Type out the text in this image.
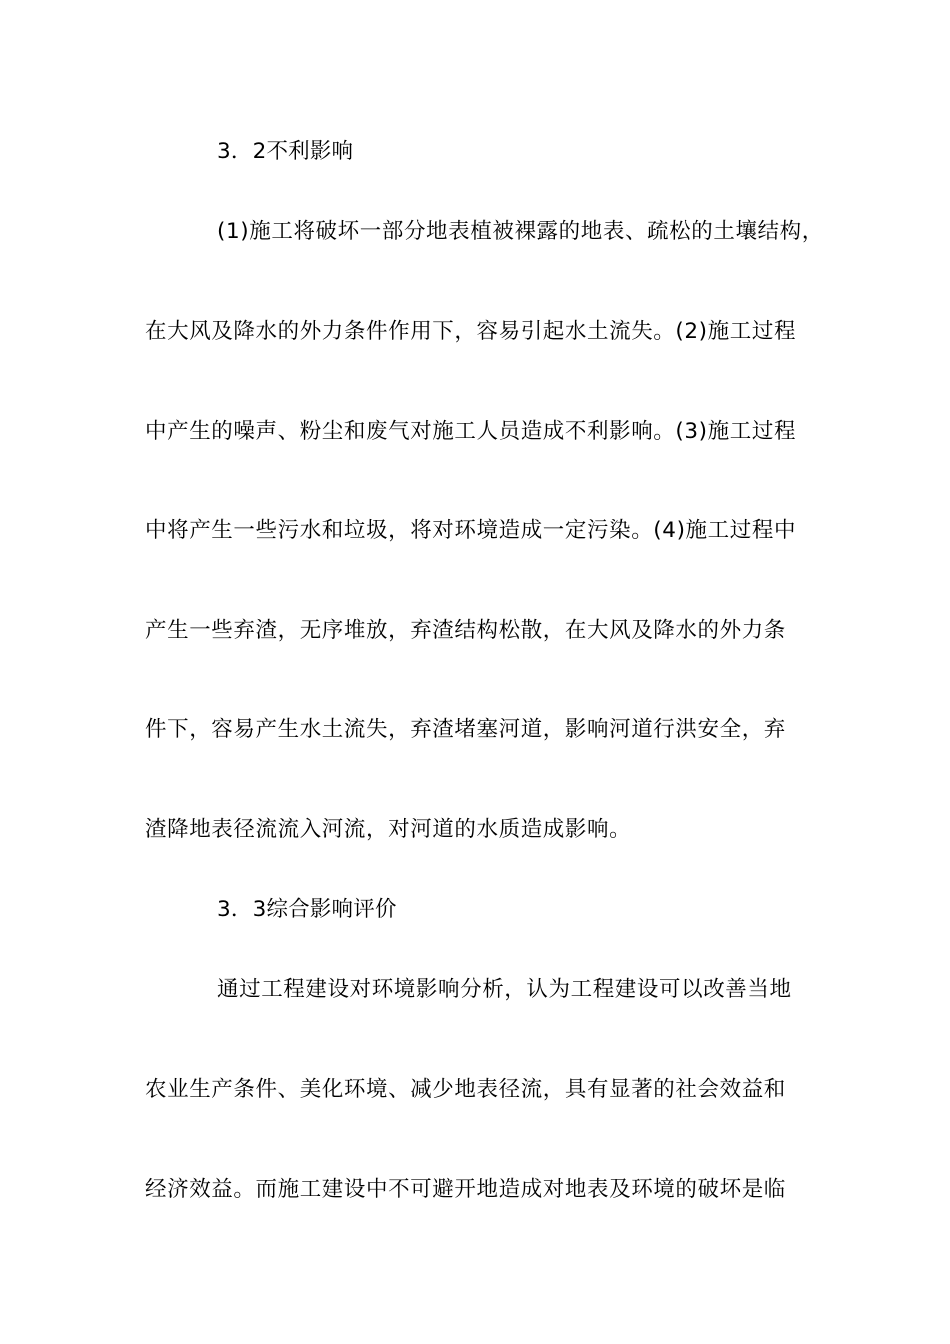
3．2不利影响
(1)施工将破坏一部分地表植被裸露的地表、疏松的土壤结构，
在大风及降水的外力条件作用下，容易引起水土流失。(2)施工过程
中产生的噪声、粉尘和废气对施工人员造成不利影响。(3)施工过程
中将产生一些污水和垃圾，将对环境造成一定污染。(4)施工过程中
产生一些弃渣，无序堆放，弃渣结构松散，在大风及降水的外力条
件下，容易产生水土流失，弃渣堵塞河道，影响河道行洪安全，弃
渣降地表径流流入河流，对河道的水质造成影响。
3．3综合影响评价
通过工程建设对环境影响分析，认为工程建设可以改善当地
农业生产条件、美化环境、减少地表径流，具有显著的社会效益和
经济效益。而施工建设中不可避开地造成对地表及环境的破坏是临
